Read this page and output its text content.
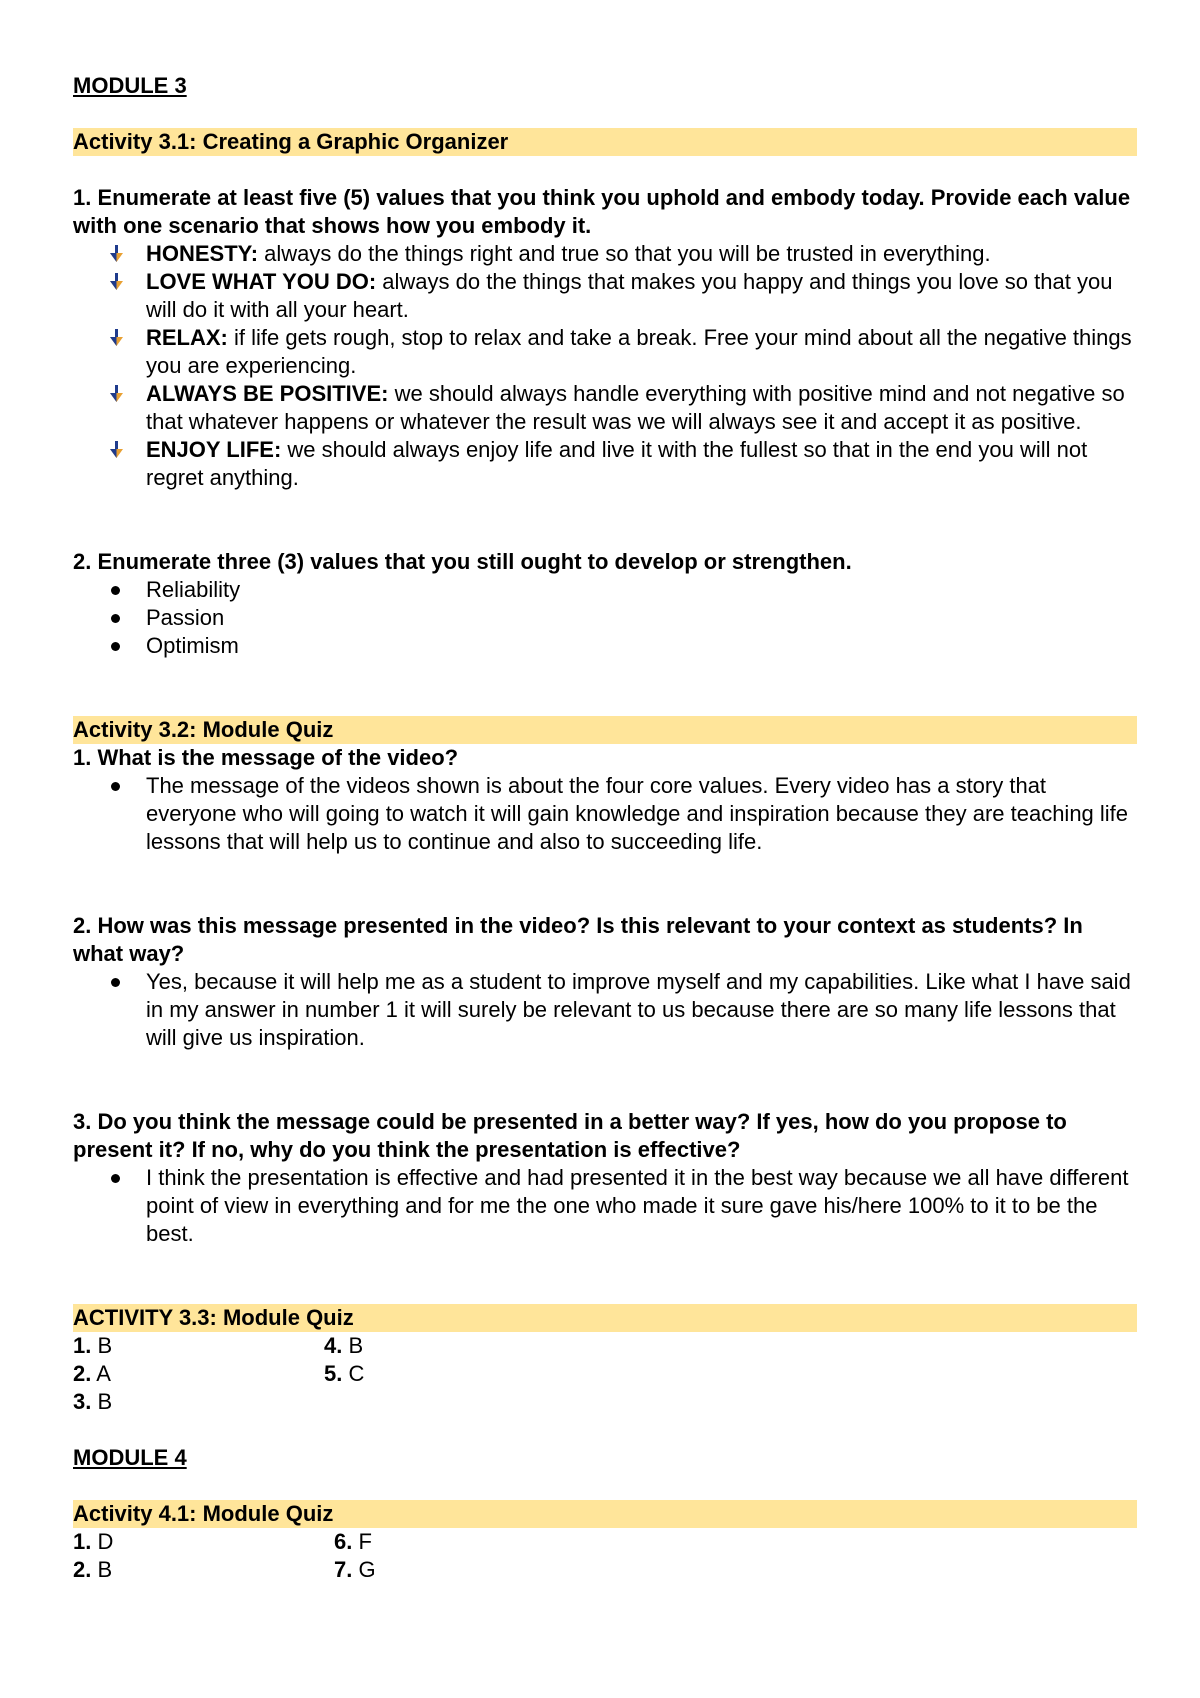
MODULE 3
Activity 3.1: Creating a Graphic Organizer
1. Enumerate at least five (5) values that you think you uphold and embody today. Provide each value with one scenario that shows how you embody it.
HONESTY: always do the things right and true so that you will be trusted in everything.
LOVE WHAT YOU DO: always do the things that makes you happy and things you love so that you will do it with all your heart.
RELAX: if life gets rough, stop to relax and take a break. Free your mind about all the negative things you are experiencing.
ALWAYS BE POSITIVE: we should always handle everything with positive mind and not negative so that whatever happens or whatever the result was we will always see it and accept it as positive.
ENJOY LIFE: we should always enjoy life and live it with the fullest so that in the end you will not regret anything.
2. Enumerate three (3) values that you still ought to develop or strengthen.
Reliability
Passion
Optimism
Activity 3.2: Module Quiz
1. What is the message of the video?
The message of the videos shown is about the four core values. Every video has a story that everyone who will going to watch it will gain knowledge and inspiration because they are teaching life lessons that will help us to continue and also to succeeding life.
2. How was this message presented in the video? Is this relevant to your context as students? In what way?
Yes, because it will help me as a student to improve myself and my capabilities. Like what I have said in my answer in number 1 it will surely be relevant to us because there are so many life lessons that will give us inspiration.
3. Do you think the message could be presented in a better way? If yes, how do you propose to present it? If no, why do you think the presentation is effective?
I think the presentation is effective and had presented it in the best way because we all have different point of view in everything and for me the one who made it sure gave his/here 100% to it to be the best.
ACTIVITY 3.3: Module Quiz
1. B	4. B
2. A	5. C
3. B
MODULE 4
Activity 4.1: Module Quiz
1. D	6. F
2. B	7. G
